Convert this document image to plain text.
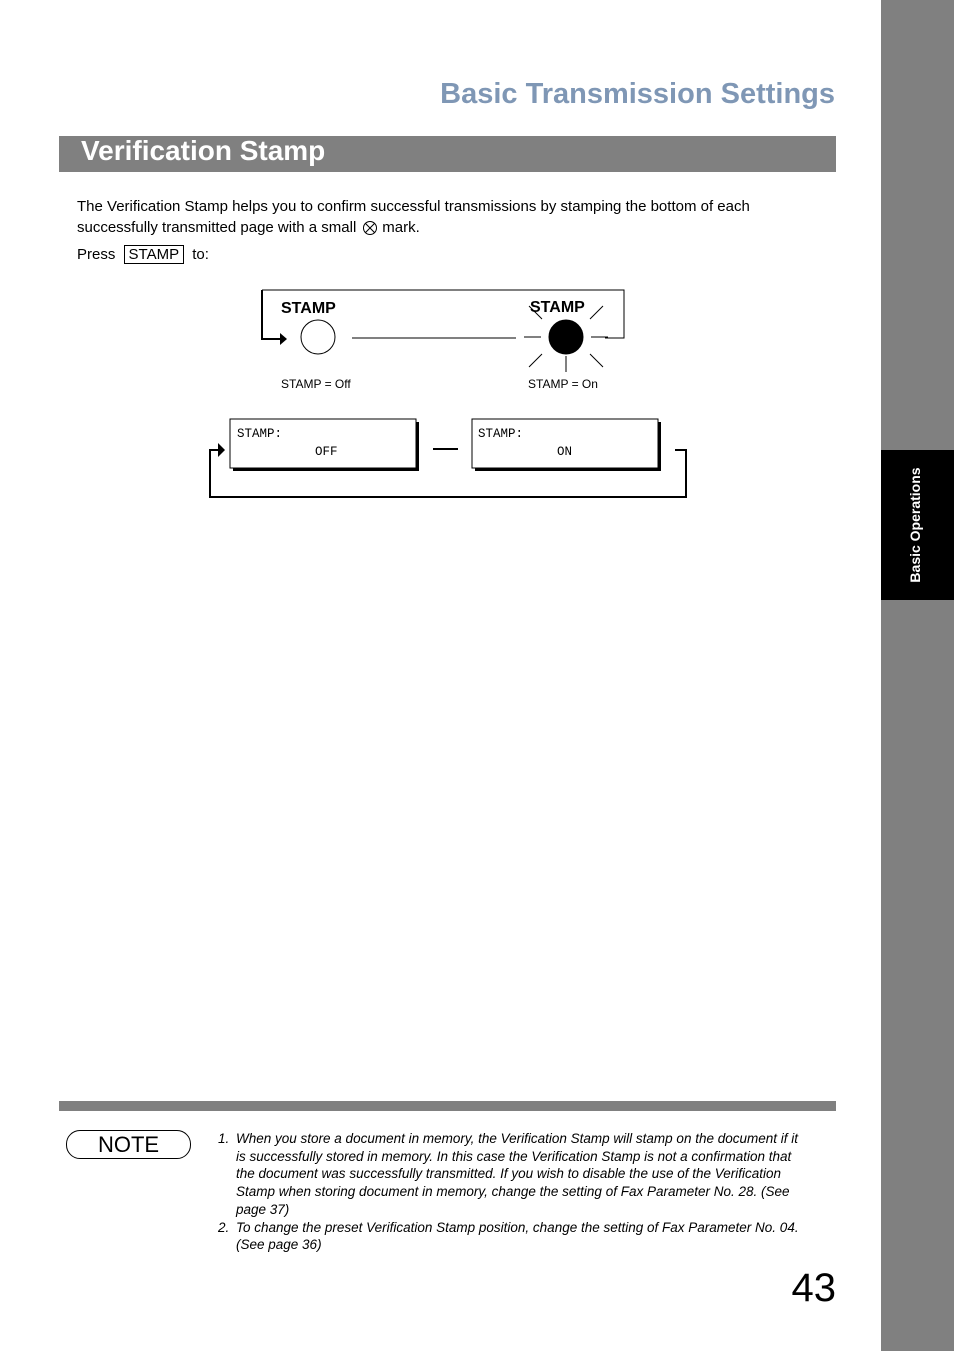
Basic Operations
Basic Transmission Settings
Verification Stamp
The Verification Stamp helps you to confirm successful transmissions by stamping the bottom of each
successfully transmitted page with a small mark.
Press STAMP to:
STAMP
STAMP = Off
STAMP
STAMP = On
STAMP:
OFF
STAMP:
ON
NOTE	1. When you store a document in memory, the Verification Stamp will stamp on the document if it
is successfully stored in memory. In this case the Verification Stamp is not a confirmation that
the document was successfully transmitted. If you wish to disable the use of the Verification
Stamp when storing document in memory, change the setting of Fax Parameter No. 28. (See
page 37)
2. To change the preset Verification Stamp position, change the setting of Fax Parameter No. 04.
(See page 36)
43
